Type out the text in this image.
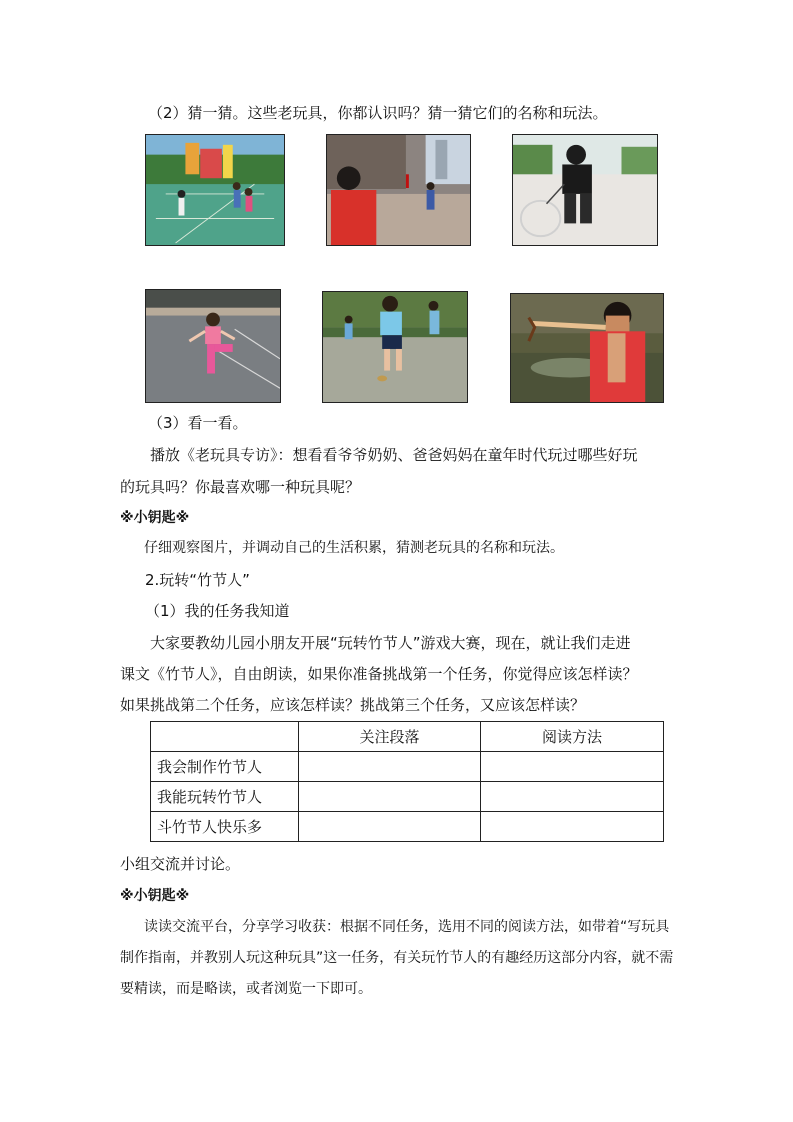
（2）猜一猜。这些老玩具，你都认识吗？猜一猜它们的名称和玩法。
（3）看一看。
播放《老玩具专访》：想看看爷爷奶奶、爸爸妈妈在童年时代玩过哪些好玩
的玩具吗？你最喜欢哪一种玩具呢？
※小钥匙※
仔细观察图片，并调动自己的生活积累，猜测老玩具的名称和玩法。
2.玩转“竹节人”
（1）我的任务我知道
大家要教幼儿园小朋友开展“玩转竹节人”游戏大赛，现在，就让我们走进
课文《竹节人》，自由朗读，如果你准备挑战第一个任务，你觉得应该怎样读？
如果挑战第二个任务，应该怎样读？挑战第三个任务，又应该怎样读？
	关注段落	阅读方法
我会制作竹节人		
我能玩转竹节人		
斗竹节人快乐多		
小组交流并讨论。
※小钥匙※
读读交流平台，分享学习收获：根据不同任务，选用不同的阅读方法，如带着“写玩具
制作指南，并教别人玩这种玩具”这一任务，有关玩竹节人的有趣经历这部分内容，就不需
要精读，而是略读，或者浏览一下即可。
